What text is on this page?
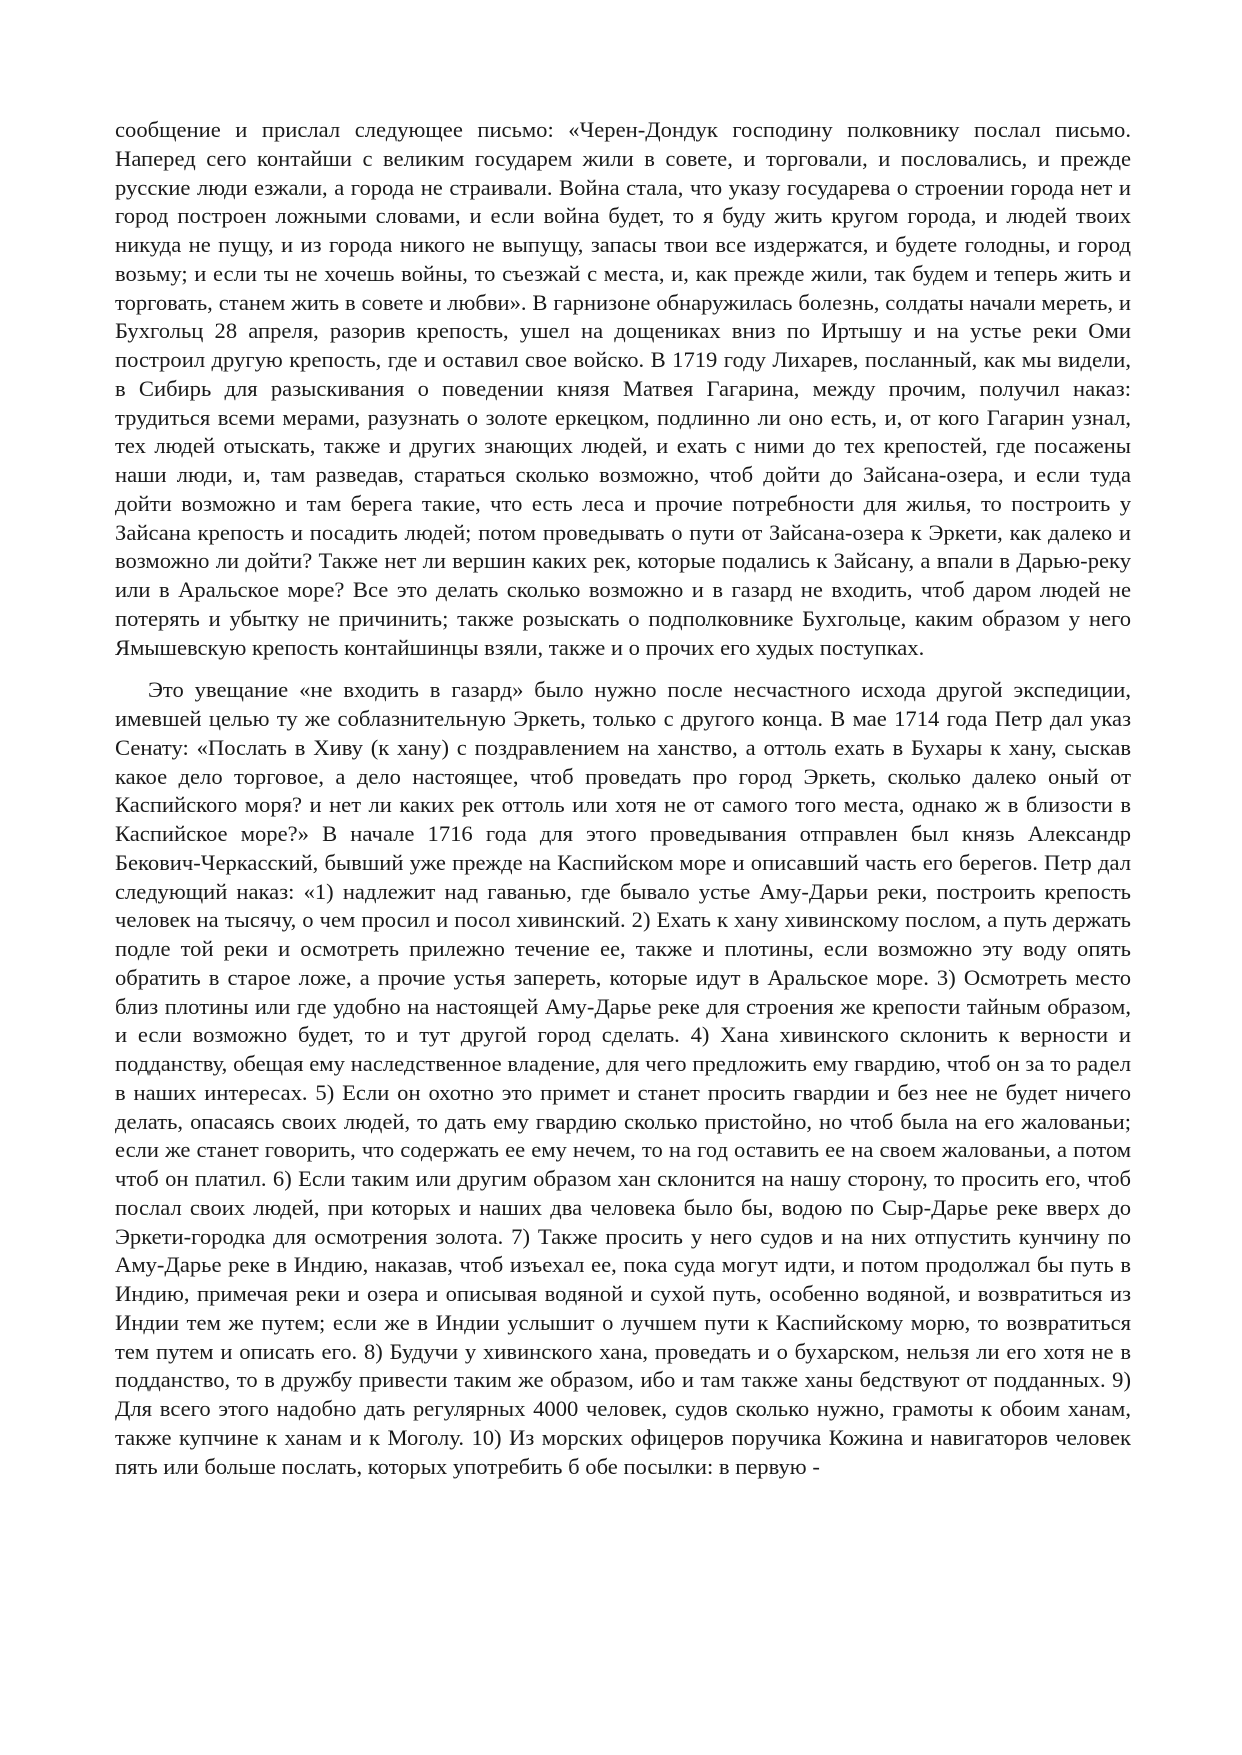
сообщение и прислал следующее письмо: «Черен-Дондук господину полковнику послал письмо. Наперед сего контайши с великим государем жили в совете, и торговали, и пословались, и прежде русские люди езжали, а города не страивали. Война стала, что указу государева о строении города нет и город построен ложными словами, и если война будет, то я буду жить кругом города, и людей твоих никуда не пущу, и из города никого не выпущу, запасы твои все издержатся, и будете голодны, и город возьму; и если ты не хочешь войны, то съезжай с места, и, как прежде жили, так будем и теперь жить и торговать, станем жить в совете и любви». В гарнизоне обнаружилась болезнь, солдаты начали мереть, и Бухгольц 28 апреля, разорив крепость, ушел на дощениках вниз по Иртышу и на устье реки Оми построил другую крепость, где и оставил свое войско. В 1719 году Лихарев, посланный, как мы видели, в Сибирь для разыскивания о поведении князя Матвея Гагарина, между прочим, получил наказ: трудиться всеми мерами, разузнать о золоте еркецком, подлинно ли оно есть, и, от кого Гагарин узнал, тех людей отыскать, также и других знающих людей, и ехать с ними до тех крепостей, где посажены наши люди, и, там разведав, стараться сколько возможно, чтоб дойти до Зайсана-озера, и если туда дойти возможно и там берега такие, что есть леса и прочие потребности для жилья, то построить у Зайсана крепость и посадить людей; потом проведывать о пути от Зайсана-озера к Эркети, как далеко и возможно ли дойти? Также нет ли вершин каких рек, которые подались к Зайсану, а впали в Дарью-реку или в Аральское море? Все это делать сколько возможно и в газард не входить, чтоб даром людей не потерять и убытку не причинить; также розыскать о подполковнике Бухгольце, каким образом у него Ямышевскую крепость контайшинцы взяли, также и о прочих его худых поступках.

Это увещание «не входить в газард» было нужно после несчастного исхода другой экспедиции, имевшей целью ту же соблазнительную Эркеть, только с другого конца. В мае 1714 года Петр дал указ Сенату: «Послать в Хиву (к хану) с поздравлением на ханство, а оттоль ехать в Бухары к хану, сыскав какое дело торговое, а дело настоящее, чтоб проведать про город Эркеть, сколько далеко оный от Каспийского моря? и нет ли каких рек оттоль или хотя не от самого того места, однако ж в близости в Каспийское море?» В начале 1716 года для этого проведывания отправлен был князь Александр Бекович-Черкасский, бывший уже прежде на Каспийском море и описавший часть его берегов. Петр дал следующий наказ: «1) надлежит над гаванью, где бывало устье Аму-Дарьи реки, построить крепость человек на тысячу, о чем просил и посол хивинский. 2) Ехать к хану хивинскому послом, а путь держать подле той реки и осмотреть прилежно течение ее, также и плотины, если возможно эту воду опять обратить в старое ложе, а прочие устья запереть, которые идут в Аральское море. 3) Осмотреть место близ плотины или где удобно на настоящей Аму-Дарье реке для строения же крепости тайным образом, и если возможно будет, то и тут другой город сделать. 4) Хана хивинского склонить к верности и подданству, обещая ему наследственное владение, для чего предложить ему гвардию, чтоб он за то радел в наших интересах. 5) Если он охотно это примет и станет просить гвардии и без нее не будет ничего делать, опасаясь своих людей, то дать ему гвардию сколько пристойно, но чтоб была на его жалованьи; если же станет говорить, что содержать ее ему нечем, то на год оставить ее на своем жалованьи, а потом чтоб он платил. 6) Если таким или другим образом хан склонится на нашу сторону, то просить его, чтоб послал своих людей, при которых и наших два человека было бы, водою по Сыр-Дарье реке вверх до Эркети-городка для осмотрения золота. 7) Также просить у него судов и на них отпустить кунчину по Аму-Дарье реке в Индию, наказав, чтоб изъехал ее, пока суда могут идти, и потом продолжал бы путь в Индию, примечая реки и озера и описывая водяной и сухой путь, особенно водяной, и возвратиться из Индии тем же путем; если же в Индии услышит о лучшем пути к Каспийскому морю, то возвратиться тем путем и описать его. 8) Будучи у хивинского хана, проведать и о бухарском, нельзя ли его хотя не в подданство, то в дружбу привести таким же образом, ибо и там также ханы бедствуют от подданных. 9) Для всего этого надобно дать регулярных 4000 человек, судов сколько нужно, грамоты к обоим ханам, также купчине к ханам и к Моголу. 10) Из морских офицеров поручика Кожина и навигаторов человек пять или больше послать, которых употребить б обе посылки: в первую -
